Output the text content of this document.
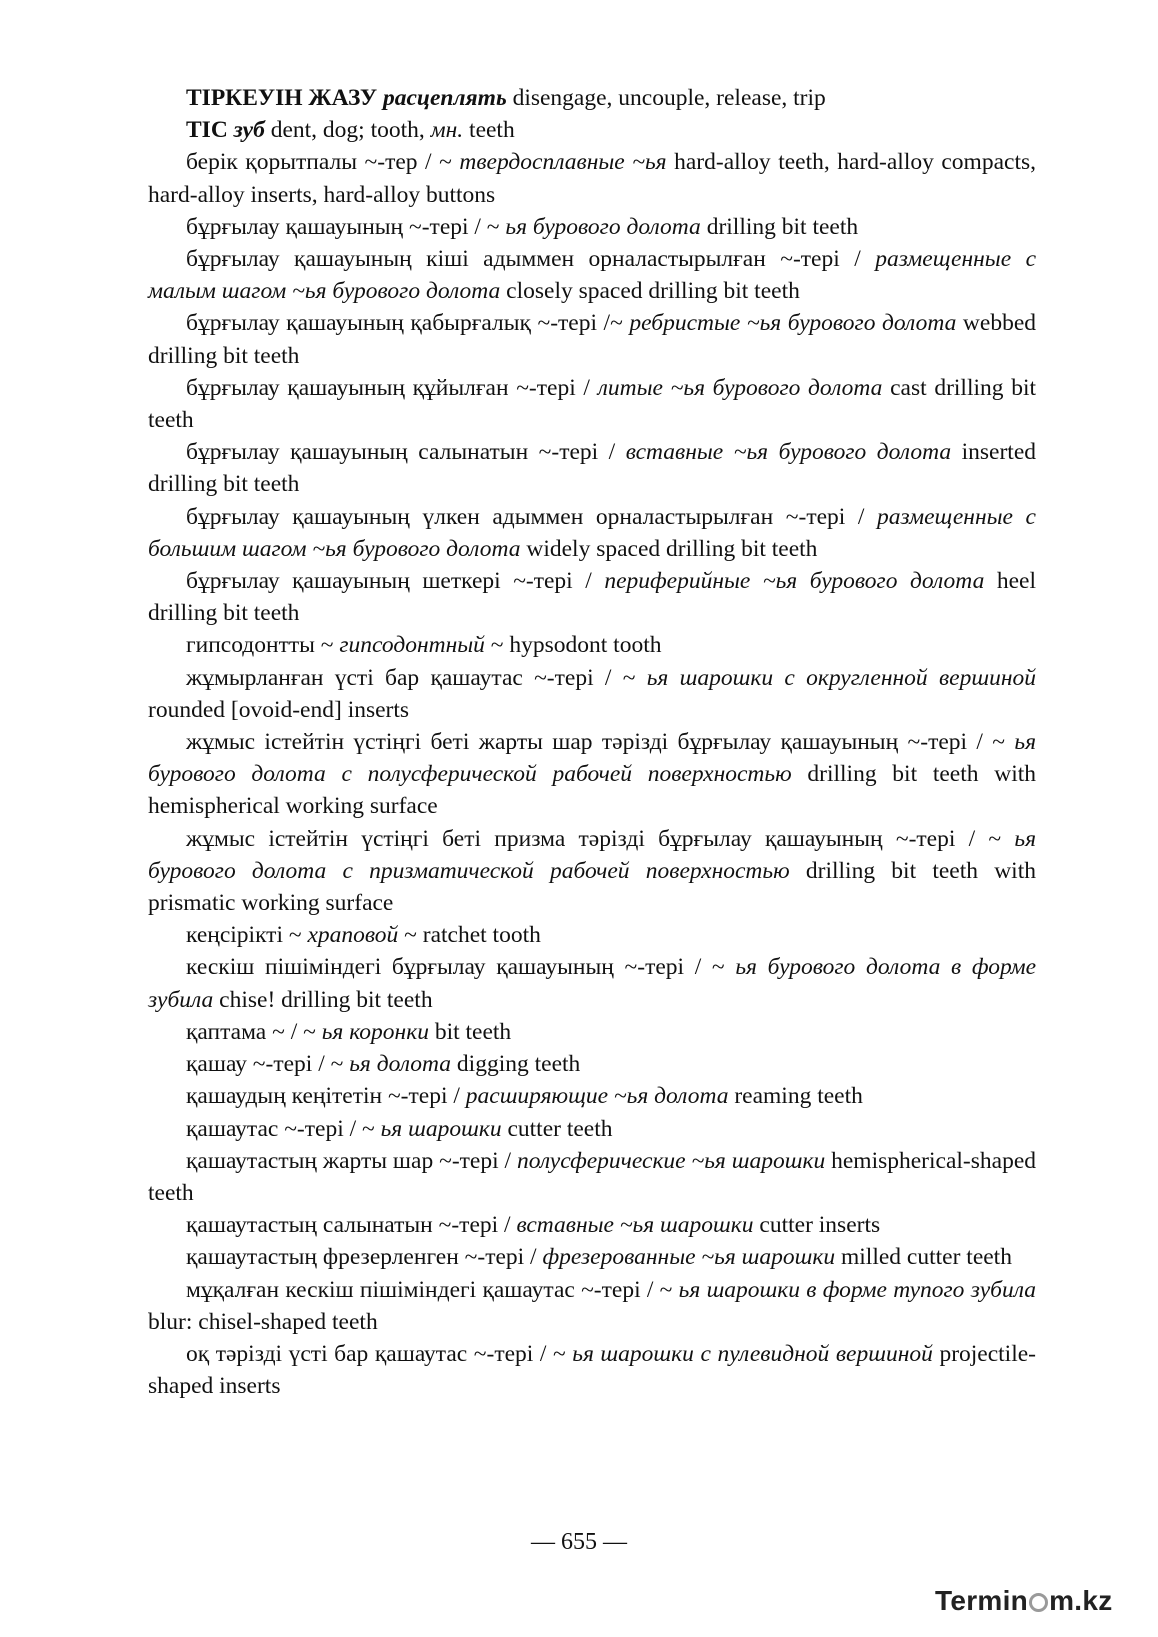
ТІРКЕУІН ЖАЗУ расцеплять disengage, uncouple, release, trip

ТІС зуб dent, dog; tooth, мн. teeth

берік қорытпалы ~-тер / ~ твердосплавные ~ья hard-alloy teeth, hard-alloy compacts, hard-alloy inserts, hard-alloy buttons

бұрғылау қашауының ~-тері / ~ ья бурового долота drilling bit teeth

бұрғылау қашауының кіші адыммен орналастырылған ~-тері / размещенные с малым шагом ~ья бурового долота closely spaced drilling bit teeth

бұрғылау қашауының қабырғалық ~-тері /~ ребристые ~ья бурового долота webbed drilling bit teeth

бұрғылау қашауының құйылған ~-тері / литые ~ья бурового долота cast drilling bit teeth

бұрғылау қашауының салынатын ~-тері / вставные ~ья бурового долота inserted drilling bit teeth

бұрғылау қашауының үлкен адыммен орналастырылған ~-тері / размещенные с большим шагом ~ья бурового долота widely spaced drilling bit teeth

бұрғылау қашауының шеткері ~-тері / периферийные ~ья бурового долота heel drilling bit teeth

гипсодонтты ~ гипсодонтный ~ hypsodont tooth

жұмырланған үсті бар қашаутас ~-тері / ~ ья шарошки с округленной вершиной rounded [ovoid-end] inserts

жұмыс істейтін үстіңгі беті жарты шар тәрізді бұрғылау қашауының ~-тері / ~ ья бурового долота с полусферической рабочей поверхностью drilling bit teeth with hemispherical working surface

жұмыс істейтін үстіңгі беті призма тәрізді бұрғылау қашауының ~-тері / ~ ья бурового долота с призматической рабочей поверхностью drilling bit teeth with prismatic working surface

кеңсірікті ~ храповой ~ ratchet tooth

кескіш пішіміндегі бұрғылау қашауының ~-тері / ~ ья бурового долота в форме зубила chise! drilling bit teeth

қаптама ~ / ~ ья коронки bit teeth

қашау ~-тері / ~ ья долота digging teeth

қашаудың кеңітетін ~-тері / расширяющие ~ья долота reaming teeth

қашаутас ~-тері / ~ ья шарошки cutter teeth

қашаутастың жарты шар ~-тері / полусферические ~ья шарошки hemispherical-shaped teeth

қашаутастың салынатын ~-тері / вставные ~ья шарошки cutter inserts

қашаутастың фрезерленген ~-тері / фрезерованные ~ья шарошки milled cutter teeth

мұқалған кескіш пішіміндегі қашаутас ~-тері / ~ ья шарошки в форме тупого зубила blur: chisel-shaped teeth

оқ тәрізді үсті бар қашаутас ~-тері / ~ ья шарошки с пулевидной вершиной projectile-shaped inserts

— 655 —
Termin m.kz
